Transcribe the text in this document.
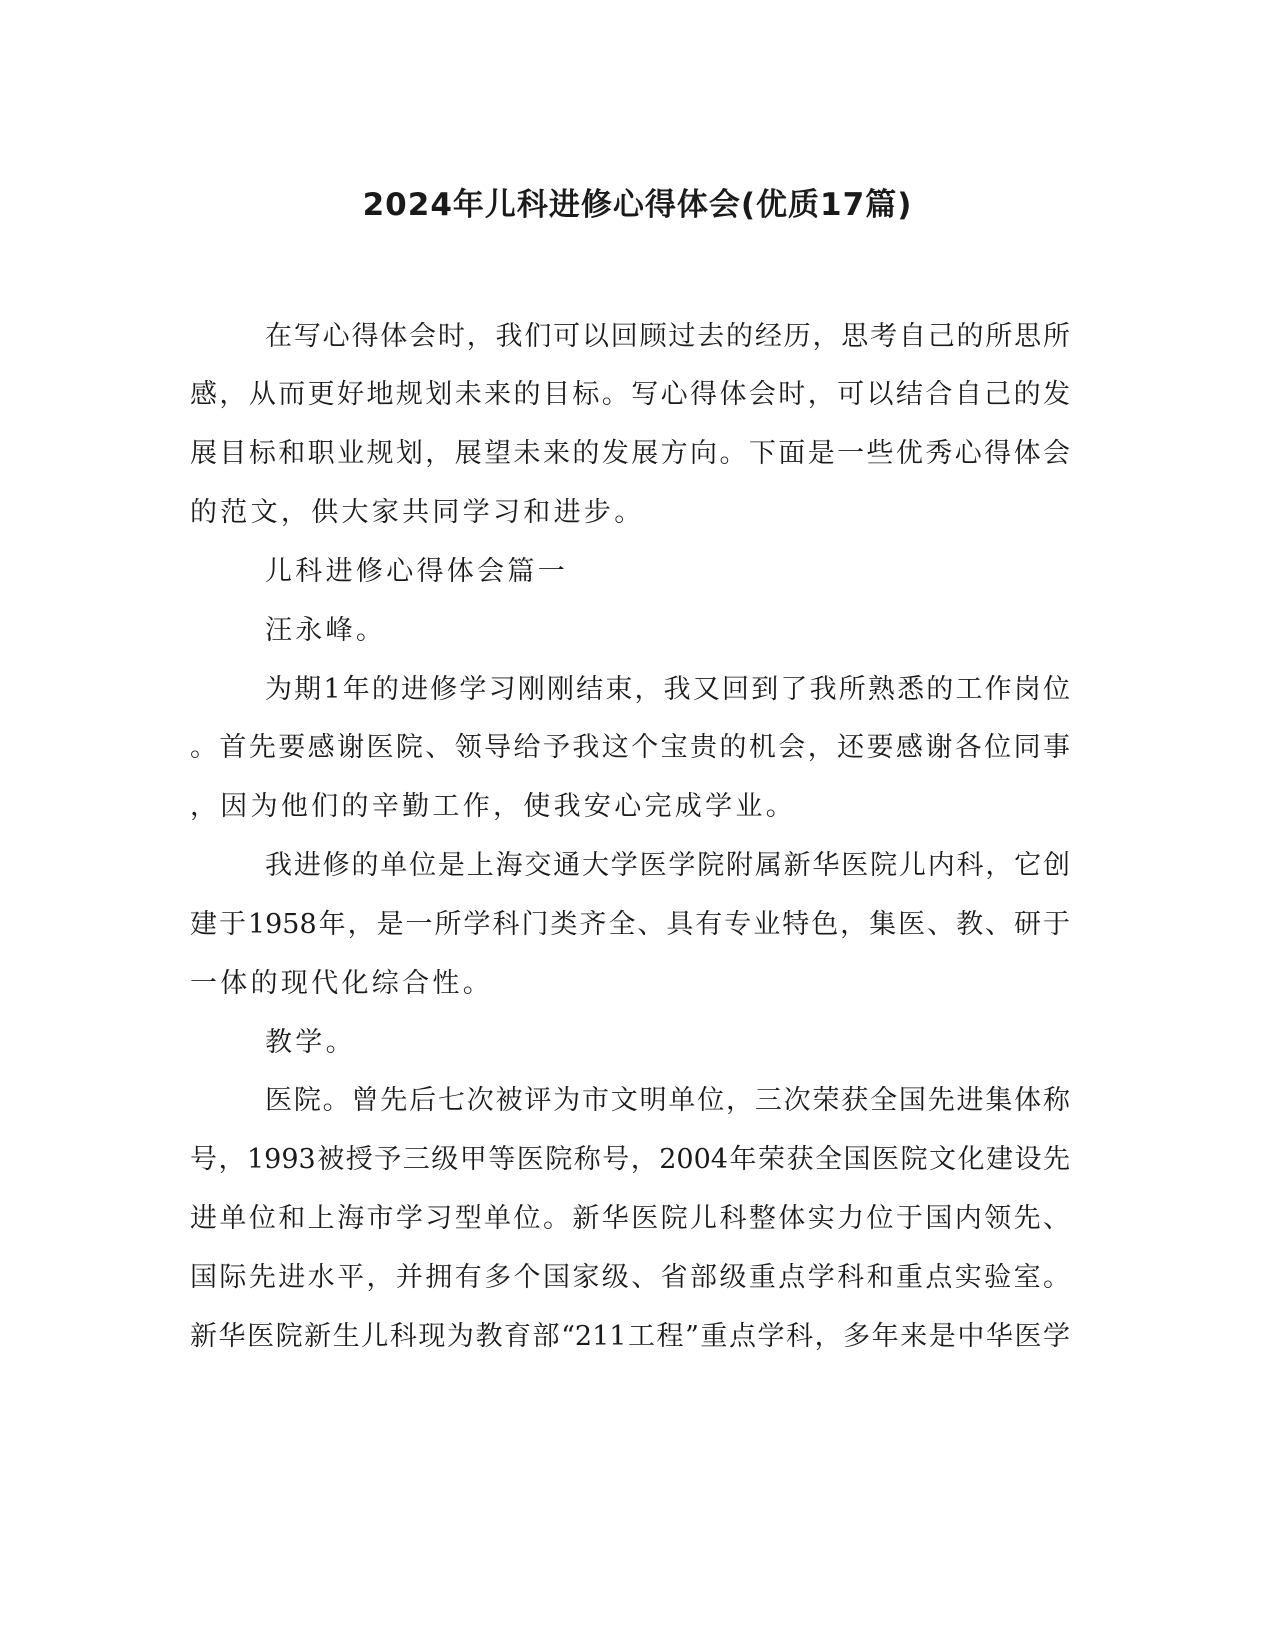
2024年儿科进修心得体会(优质17篇)

在写心得体会时，我们可以回顾过去的经历，思考自己的所思所

感，从而更好地规划未来的目标。写心得体会时，可以结合自己的发

展目标和职业规划，展望未来的发展方向。下面是一些优秀心得体会

的范文，供大家共同学习和进步。

儿科进修心得体会篇一

汪永峰。

为期1年的进修学习刚刚结束，我又回到了我所熟悉的工作岗位

。首先要感谢医院、领导给予我这个宝贵的机会，还要感谢各位同事

，因为他们的辛勤工作，使我安心完成学业。

我进修的单位是上海交通大学医学院附属新华医院儿内科，它创

建于1958年，是一所学科门类齐全、具有专业特色，集医、教、研于

一体的现代化综合性。

教学。

医院。曾先后七次被评为市文明单位，三次荣获全国先进集体称

号，1993被授予三级甲等医院称号，2004年荣获全国医院文化建设先

进单位和上海市学习型单位。新华医院儿科整体实力位于国内领先、

国际先进水平，并拥有多个国家级、省部级重点学科和重点实验室。

新华医院新生儿科现为教育部“211工程”重点学科，多年来是中华医学
